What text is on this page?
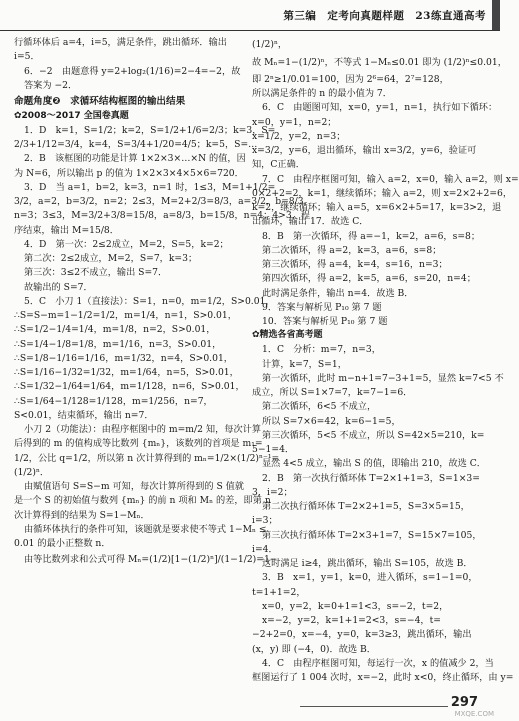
第三编　定考向真题样题　23练直通高考

行循环体后 a=4，i=5，满足条件，跳出循环．输出 i=5．

6．−2　由题意得 y=2+log₂(1/16)=2−4=−2，故答案为 −2．

命题角度❷　求循环结构框图的输出结果

✿2008～2017 全国卷真题

1．D　k=1，S=1/2；k=2，S=1/2+1/6=2/3；k=3，S=

2/3+1/12=3/4，k=4，S=3/4+1/20=4/5；k=5，S=…

2．B　该框图的功能是计算 1×2×3×…×N 的值，因

为 N=6，所以输出 p 的值为 1×2×3×4×5×6=720．

3．D　当 a=1，b=2，k=3，n=1 时，1≤3，M=1+1/2=

3/2，a=2，b=3/2，n=2；2≤3，M=2+2/3=8/3，a=3/2，b=8/3，

n=3；3≤3，M=3/2+3/8=15/8，a=8/3，b=15/8，n=4；4>3，程

序结束，输出 M=15/8．

4．D　第一次：2≤2成立，M=2，S=5，k=2；

第二次：2≤2成立，M=2，S=7，k=3；

第三次：3≤2不成立，输出 S=7．

故输出的 S=7．

5．C　小刀 1（直接法）：S=1，n=0，m=1/2，S>0.01，

∴S=S−m=1−1/2=1/2，m=1/4，n=1，S>0.01，

∴S=1/2−1/4=1/4，m=1/8，n=2，S>0.01，

∴S=1/4−1/8=1/8，m=1/16，n=3，S>0.01，

∴S=1/8−1/16=1/16，m=1/32，n=4，S>0.01，

∴S=1/16−1/32=1/32，m=1/64，n=5，S>0.01，

∴S=1/32−1/64=1/64，m=1/128，n=6，S>0.01，

∴S=1/64−1/128=1/128，m=1/256，n=7，S<0.01，结束循环，输出 n=7．

小刀 2（功能法）：由程序框图中的 m=m/2 知，每次计算

后得到的 m 的值构成等比数列 {mₙ}，该数列的首项是 m₁=

1/2，公比 q=1/2，所以第 n 次计算得到的 mₙ=1/2×(1/2)ⁿ⁻¹=

(1/2)ⁿ．

由赋值语句 S=S−m 可知，每次计算所得到的 S 值就

是一个 S 的初始值与数列 {mₙ} 的前 n 项和 Mₙ 的差，即第 n

次计算得到的结果为 S=1−Mₙ．

由循环体执行的条件可知，该题就是要求使不等式 1−Mₙ ≤

0.01 的最小正整数 n．

由等比数列求和公式可得 Mₙ=(1/2)[1−(1/2)ⁿ]/(1−1/2)=1−

(1/2)ⁿ，

故 Mₙ=1−(1/2)ⁿ，不等式 1−Mₙ≤0.01 即为 (1/2)ⁿ≤0.01，

即 2ⁿ≥1/0.01=100，因为 2⁶=64，2⁷=128，

所以满足条件的 n 的最小值为 7．

6．C　由题图可知，x=0，y=1，n=1，执行如下循环：

x=0，y=1，n=2；

x=1/2，y=2，n=3；

x=3/2，y=6，退出循环，输出 x=3/2，y=6，验证可知，C正确．

7．C　由程序框图可知，输入 a=2，x=0，输入 a=2，则 x=

0×2+2=2，k=1，继续循环；输入 a=2，则 x=2×2+2=6，

k=2，继续循环；输入 a=5，x=6×2+5=17，k=3>2，退

出循环，输出 17．故选 C．

8．B　第一次循环，得 a=−1，k=2，a=6，s=8；

第二次循环，得 a=2，k=3，a=6，s=8；

第三次循环，得 a=4，k=4，s=16，n=3；

第四次循环，得 a=2，k=5，a=6，s=20，n=4；

此时满足条件，输出 n=4．故选 B．

9．答案与解析见 P₁₀ 第 7 题

10．答案与解析见 P₁₀ 第 7 题

✿精选各省高考题

1．C　分析：m=7，n=3，

计算，k=7，S=1，

第一次循环，此时 m−n+1=7−3+1=5，显然 k=7<5 不

成立，所以 S=1×7=7，k=7−1=6．

第二次循环，6<5 不成立，

所以 S=7×6=42，k=6−1=5，

第三次循环，5<5 不成立，所以 S=42×5=210，k=

5−1=4．

显然 4<5 成立，输出 S 的值，即输出 210，故选 C．

2．B　第一次执行循环体 T=2×1+1=3，S=1×3=

3，i=2；

第二次执行循环体 T=2×2+1=5，S=3×5=15，

i=3；

第三次执行循环体 T=2×3+1=7，S=15×7=105，

i=4．

这时满足 i≥4，跳出循环，输出 S=105，故选 B．

3．B　x=1，y=1，k=0，进入循环，s=1−1=0，

t=1+1=2，

x=0，y=2，k=0+1=1<3，s=−2，t=2，

x=−2，y=2，k=1+1=2<3，s=−4，t=

−2+2=0，x=−4，y=0，k=3≥3，跳出循环，输出

(x，y) 即 (−4，0)．故选 B．

4．C　由程序框图可知，每运行一次，x 的值减少 2，当

框图运行了 1 004 次时，x=−2，此时 x<0，终止循环，由 y=

297
MXQE.COM
